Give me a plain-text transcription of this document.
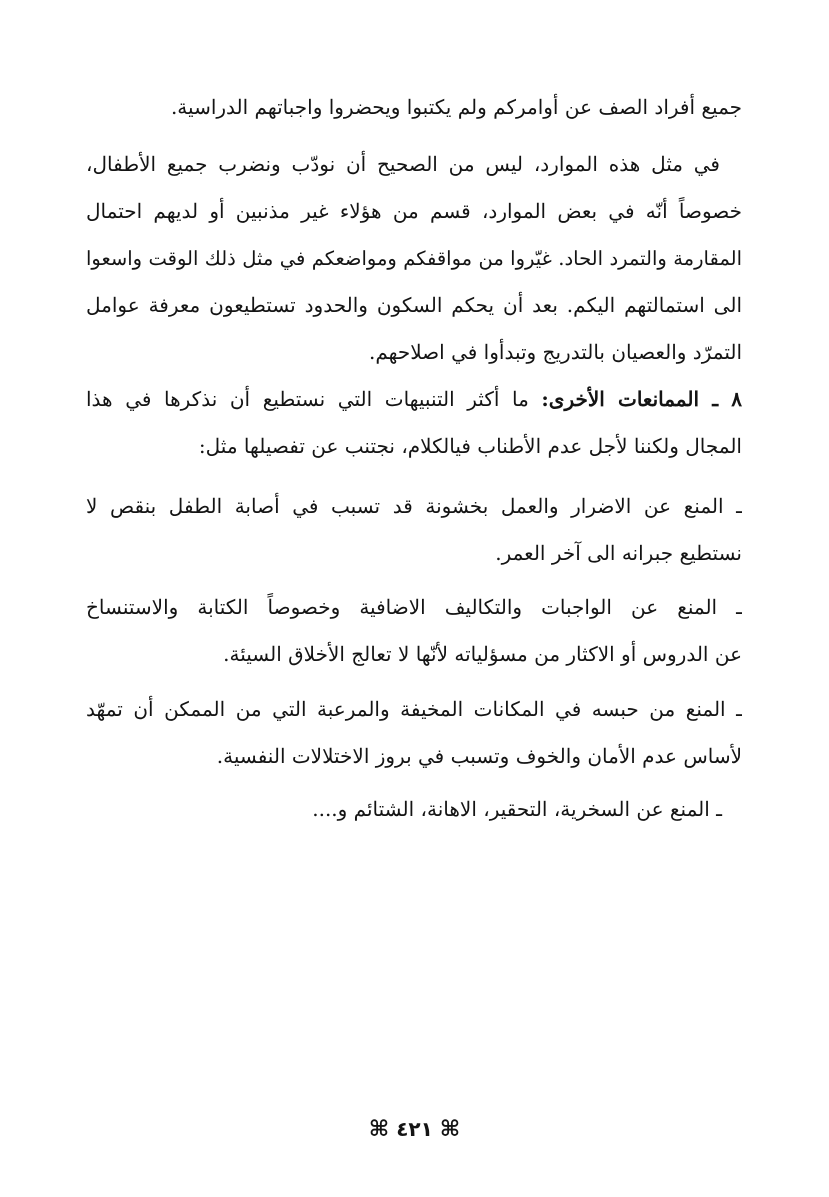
جميع أفراد الصف عن أوامركم ولم يكتبوا ويحضروا واجباتهم الدراسية.
في مثل هذه الموارد، ليس من الصحيح أن نودّب ونضرب جميع الأطفال،
خصوصاً أنّه في بعض الموارد، قسم من هؤلاء غير مذنبين أو لديهم احتمال
المقارمة والتمرد الحاد. غيّروا من مواقفكم ومواضعكم في مثل ذلك الوقت واسعوا
الى استمالتهم اليكم. بعد أن يحكم السكون والحدود تستطيعون معرفة عوامل
التمرّد والعصيان بالتدريج وتبدأوا في اصلاحهم.
٨ ـ الممانعات الأخرى: ما أكثر التنبيهات التي نستطيع أن نذكرها في هذا
المجال ولكننا لأجل عدم الأطناب فيالكلام، نجتنب عن تفصيلها مثل:
ـ المنع عن الاضرار والعمل بخشونة قد تسبب في أصابة الطفل بنقص لا
نستطيع جبرانه الى آخر العمر.
ـ المنع عن الواجبات والتكاليف الاضافية وخصوصاً الكتابة والاستنساخ
عن الدروس أو الاكثار من مسؤلياته لأنّها لا تعالج الأخلاق السيئة.
ـ المنع من حبسه في المكانات المخيفة والمرعبة التي من الممكن أن تمهّد
لأساس عدم الأمان والخوف وتسبب في بروز الاختلالات النفسية.
ـ المنع عن السخرية، التحقير، الاهانة، الشتائم و....
⌘ ٤٢١ ⌘
